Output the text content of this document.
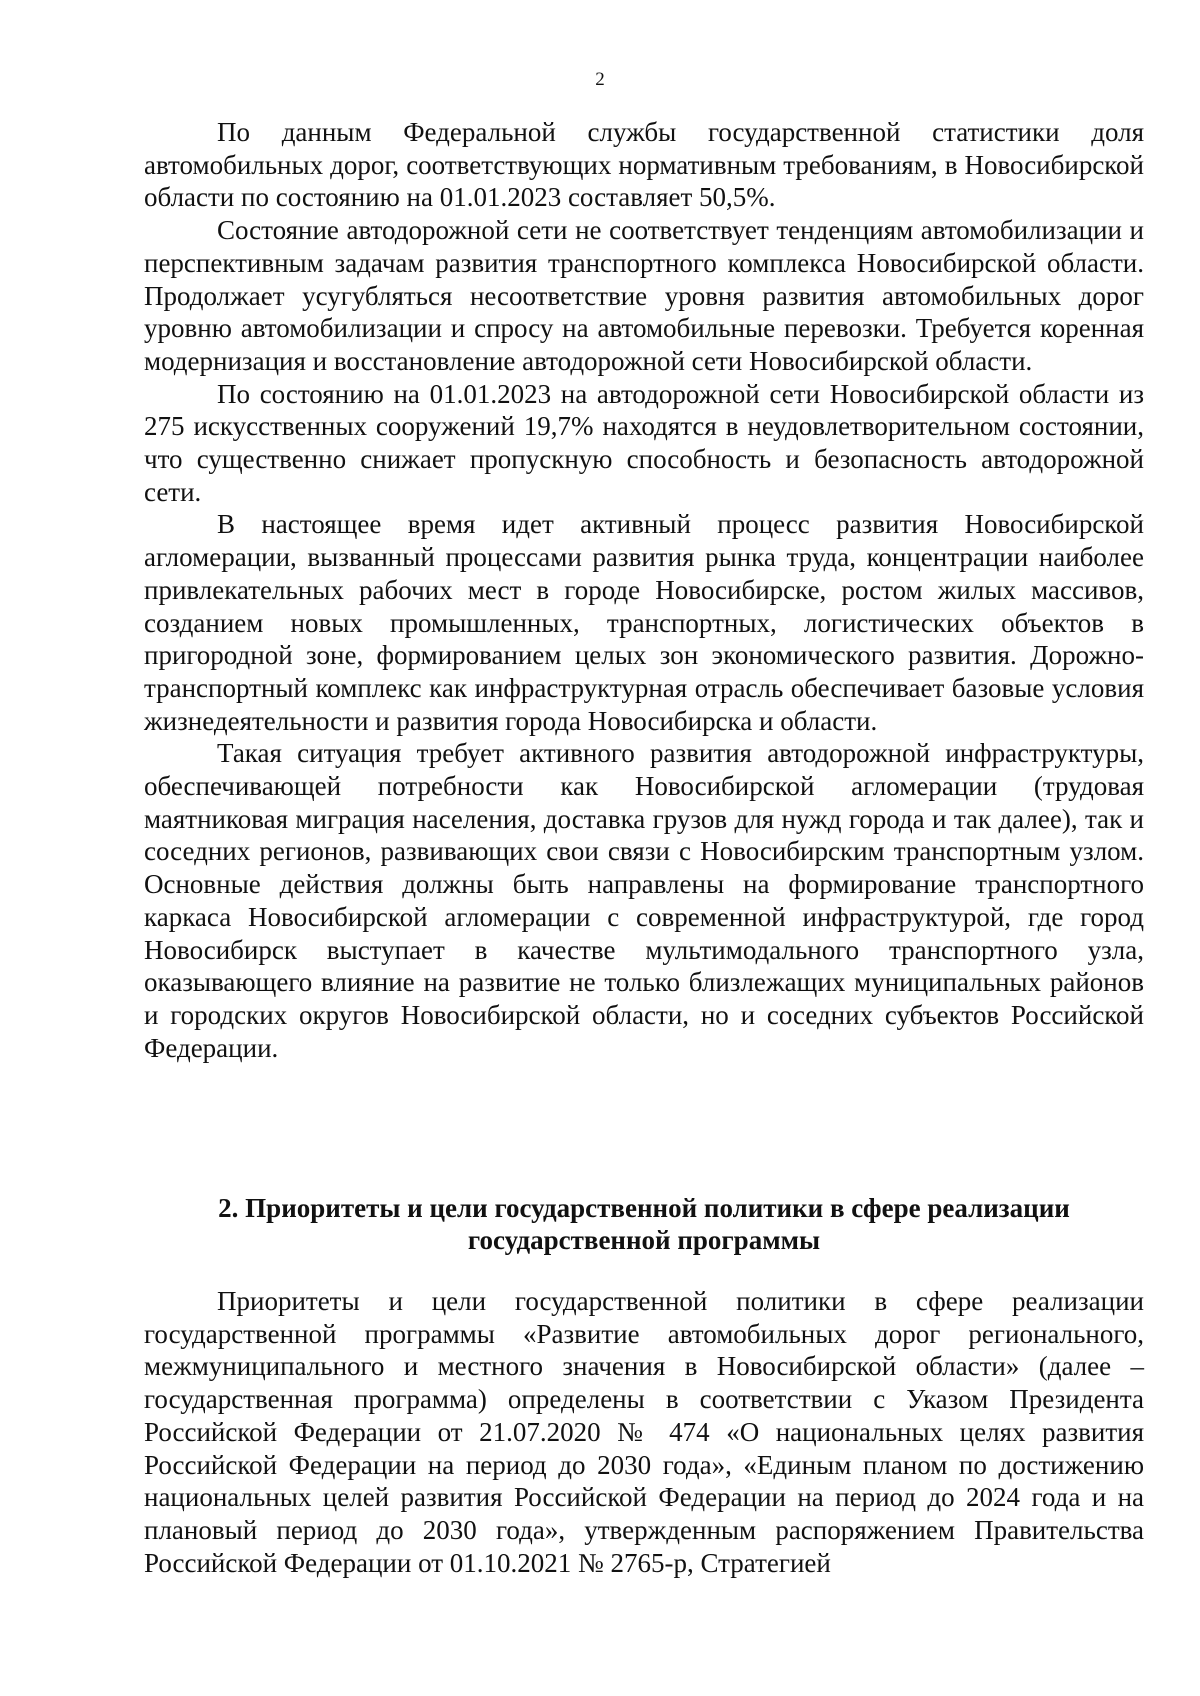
2

По данным Федеральной службы государственной статистики доля автомобильных дорог, соответствующих нормативным требованиям, в Новосибирской области по состоянию на 01.01.2023 составляет 50,5%.

Состояние автодорожной сети не соответствует тенденциям автомобилизации и перспективным задачам развития транспортного комплекса Новосибирской области. Продолжает усугубляться несоответствие уровня развития автомобильных дорог уровню автомобилизации и спросу на автомобильные перевозки. Требуется коренная модернизация и восстановление автодорожной сети Новосибирской области.

По состоянию на 01.01.2023 на автодорожной сети Новосибирской области из 275 искусственных сооружений 19,7% находятся в неудовлетворительном состоянии, что существенно снижает пропускную способность и безопасность автодорожной сети.

В настоящее время идет активный процесс развития Новосибирской агломерации, вызванный процессами развития рынка труда, концентрации наиболее привлекательных рабочих мест в городе Новосибирске, ростом жилых массивов, созданием новых промышленных, транспортных, логистических объектов в пригородной зоне, формированием целых зон экономического развития. Дорожно-транспортный комплекс как инфраструктурная отрасль обеспечивает базовые условия жизнедеятельности и развития города Новосибирска и области.

Такая ситуация требует активного развития автодорожной инфраструктуры, обеспечивающей потребности как Новосибирской агломерации (трудовая маятниковая миграция населения, доставка грузов для нужд города и так далее), так и соседних регионов, развивающих свои связи с Новосибирским транспортным узлом. Основные действия должны быть направлены на формирование транспортного каркаса Новосибирской агломерации с современной инфраструктурой, где город Новосибирск выступает в качестве мультимодального транспортного узла, оказывающего влияние на развитие не только близлежащих муниципальных районов и городских округов Новосибирской области, но и соседних субъектов Российской Федерации.

2. Приоритеты и цели государственной политики в сфере реализации
государственной программы

Приоритеты и цели государственной политики в сфере реализации государственной программы «Развитие автомобильных дорог регионального, межмуниципального и местного значения в Новосибирской области» (далее – государственная программа) определены в соответствии с Указом Президента Российской Федерации от 21.07.2020 № 474 «О национальных целях развития Российской Федерации на период до 2030 года», «Единым планом по достижению национальных целей развития Российской Федерации на период до 2024 года и на плановый период до 2030 года», утвержденным распоряжением Правительства Российской Федерации от 01.10.2021 № 2765-р, Стратегией
